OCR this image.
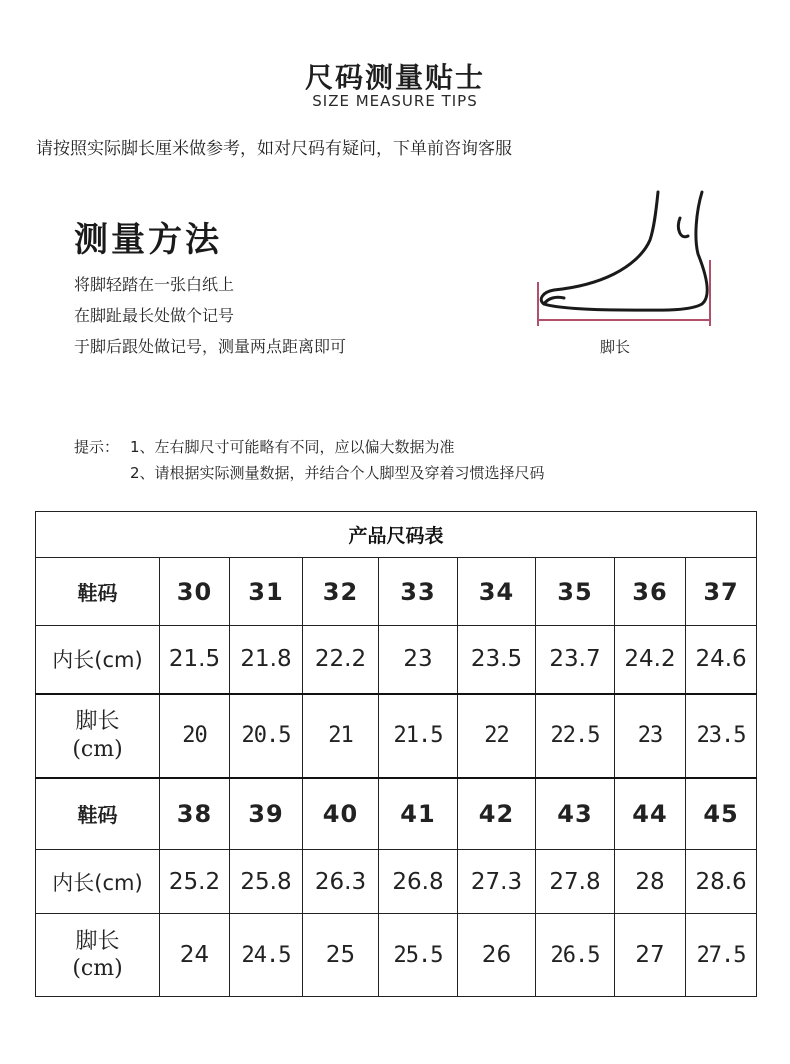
尺码测量贴士
SIZE MEASURE TIPS
请按照实际脚长厘米做参考，如对尺码有疑问，下单前咨询客服
测量方法
将脚轻踏在一张白纸上
在脚趾最长处做个记号
于脚后跟处做记号，测量两点距离即可	脚长
提示： 1、左右脚尺寸可能略有不同，应以偏大数据为准
2、请根据实际测量数据，并结合个人脚型及穿着习惯选择尺码
产品尺码表								
鞋码	30	31	32	33	34	35	36	37
内长(cm)	21.5	21.8	22.2	23	23.5	23.7	24.2	24.6

脚长
(cm)	20	20.5	21	21.5	22	22.5	23	23.5
鞋码	38	39	40	41	42	43	44	45
内长(cm)	25.2	25.8	26.3	26.8	27.3	27.8	28	28.6

脚长
(cm)	24	24.5	25	25.5	26	26.5	27	27.5
